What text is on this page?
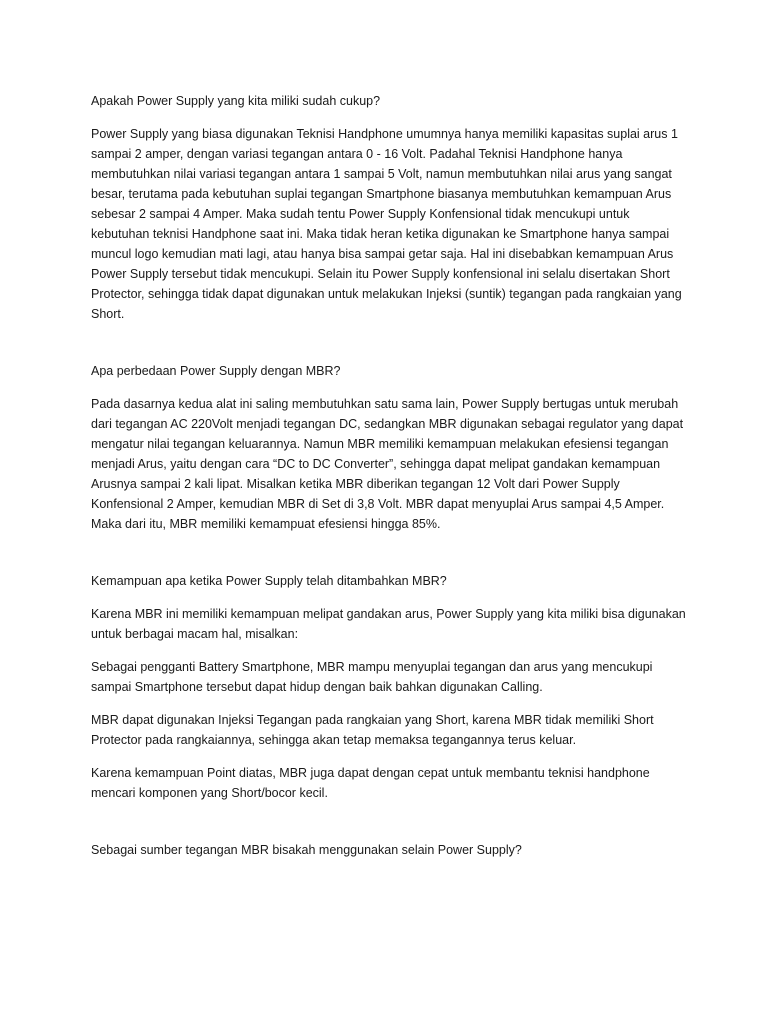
Apakah Power Supply yang kita miliki sudah cukup?

Power Supply yang biasa digunakan Teknisi Handphone umumnya hanya memiliki kapasitas suplai arus 1 sampai 2 amper, dengan variasi tegangan antara 0 - 16 Volt. Padahal Teknisi Handphone hanya membutuhkan nilai variasi tegangan antara 1 sampai 5 Volt, namun membutuhkan nilai arus yang sangat besar, terutama pada kebutuhan suplai tegangan Smartphone biasanya membutuhkan kemampuan Arus sebesar 2 sampai 4 Amper. Maka sudah tentu Power Supply Konfensional tidak mencukupi untuk kebutuhan teknisi Handphone saat ini. Maka tidak heran ketika digunakan ke Smartphone hanya sampai muncul logo kemudian mati lagi, atau hanya bisa sampai getar saja. Hal ini disebabkan kemampuan Arus Power Supply tersebut tidak mencukupi. Selain itu Power Supply konfensional ini selalu disertakan Short Protector, sehingga tidak dapat digunakan untuk melakukan Injeksi (suntik) tegangan pada rangkaian yang Short.

Apa perbedaan Power Supply dengan MBR?

Pada dasarnya kedua alat ini saling membutuhkan satu sama lain, Power Supply bertugas untuk merubah dari tegangan AC 220Volt menjadi tegangan DC, sedangkan MBR digunakan sebagai regulator yang dapat mengatur nilai tegangan keluarannya. Namun MBR memiliki kemampuan melakukan efesiensi tegangan menjadi Arus, yaitu dengan cara “DC to DC Converter”, sehingga dapat melipat gandakan kemampuan Arusnya sampai 2 kali lipat. Misalkan ketika MBR diberikan tegangan 12 Volt dari Power Supply Konfensional 2 Amper, kemudian MBR di Set di 3,8 Volt. MBR dapat menyuplai Arus sampai 4,5 Amper. Maka dari itu, MBR memiliki kemampuat efesiensi hingga 85%.

Kemampuan apa ketika Power Supply telah ditambahkan MBR?

Karena MBR ini memiliki kemampuan melipat gandakan arus, Power Supply yang kita miliki bisa digunakan untuk berbagai macam hal, misalkan:

Sebagai pengganti Battery Smartphone, MBR mampu menyuplai tegangan dan arus yang mencukupi sampai Smartphone tersebut dapat hidup dengan baik bahkan digunakan Calling.

MBR dapat digunakan Injeksi Tegangan pada rangkaian yang Short, karena MBR tidak memiliki Short Protector pada rangkaiannya, sehingga akan tetap memaksa tegangannya terus keluar.

Karena kemampuan Point diatas, MBR juga dapat dengan cepat untuk membantu teknisi handphone mencari komponen yang Short/bocor kecil.

Sebagai sumber tegangan MBR bisakah menggunakan selain Power Supply?
